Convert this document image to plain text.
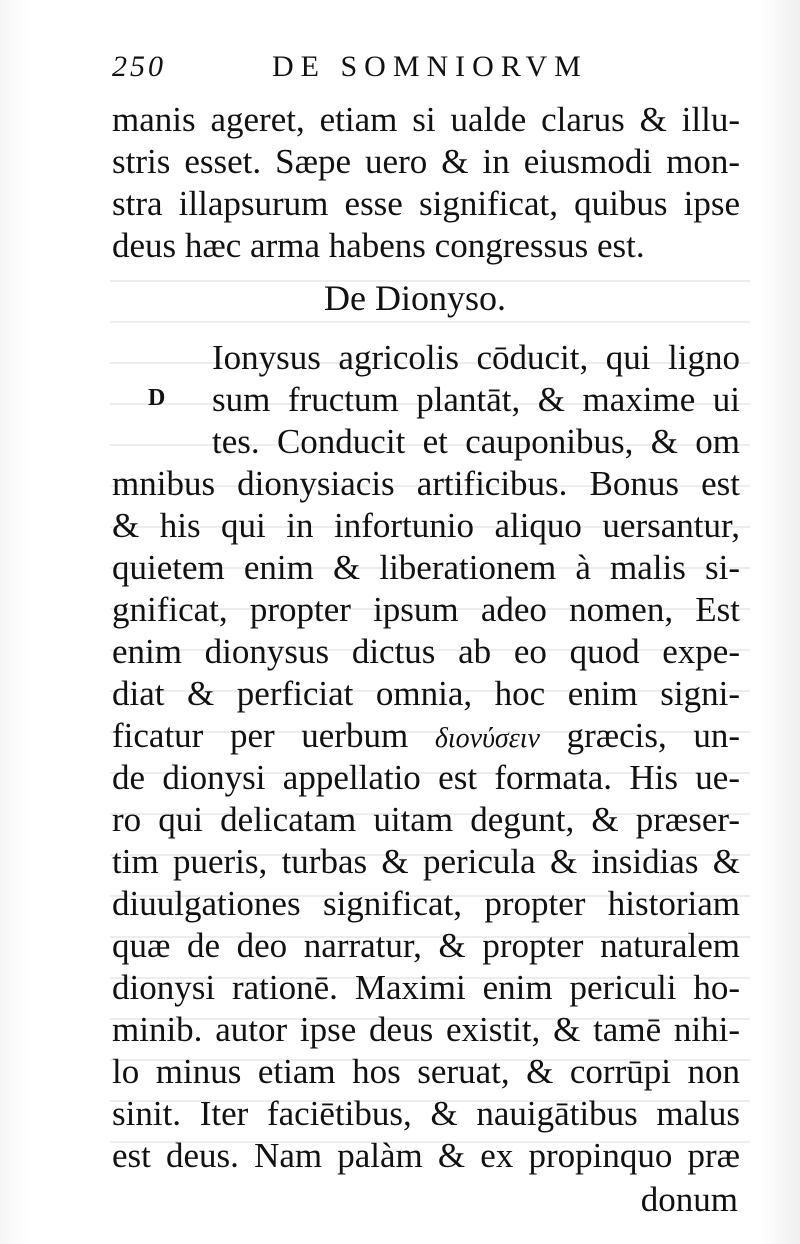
250	DE SOMNIORVM
manis ageret, etiam si ualde clarus & illu-
stris esset. Sæpe uero & in eiusmodi mon-
stra illapsurum esse significat, quibus ipse
deus hæc arma habens congressus est.
De Dionyso.
Ionysus agricolis cōducit, qui ligno
D sum fructum plantāt, & maxime ui
tes. Conducit et cauponibus, & om
mnibus dionysiacis artificibus. Bonus est
& his qui in infortunio aliquo uersantur,
quietem enim & liberationem à malis si-
gnificat, propter ipsum adeo nomen, Est
enim dionysus dictus ab eo quod expe-
diat & perficiat omnia, hoc enim signi-
ficatur per uerbum διονύσειν græcis, un-
de dionysi appellatio est formata. His ue-
ro qui delicatam uitam degunt, & præser-
tim pueris, turbas & pericula & insidias &
diuulgationes significat, propter historiam
quæ de deo narratur, & propter naturalem
dionysi rationē. Maximi enim periculi ho-
minib. autor ipse deus existit, & tamē nihi-
lo minus etiam hos seruat, & corrūpi non
sinit. Iter faciētibus, & nauigātibus malus
est deus. Nam palàm & ex propinquo præ
donum
